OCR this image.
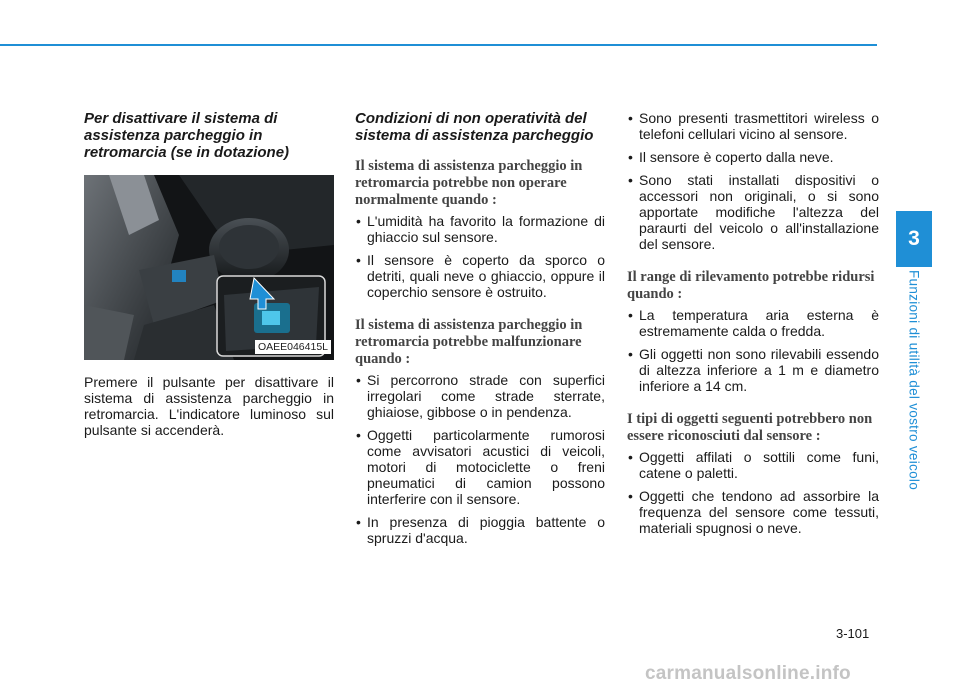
3
Funzioni di utilità del vostro veicolo
Per disattivare il sistema di assistenza parcheggio in retromarcia (se in dotazione)
OAEE046415L

Premere il pulsante per disattivare il sistema di assistenza parcheggio in retromarcia. L'indicatore luminoso sul pulsante si accenderà.

Condizioni di non operatività del sistema di assistenza parcheggio
Il sistema di assistenza parcheggio in retromarcia potrebbe non operare normalmente quando :
• L'umidità ha favorito la formazione di ghiaccio sul sensore.
• Il sensore è coperto da sporco o detriti, quali neve o ghiaccio, oppure il coperchio sensore è ostruito.
Il sistema di assistenza parcheggio in retromarcia potrebbe malfunzionare quando :
• Si percorrono strade con superfici irregolari come strade sterrate, ghiaiose, gibbose o in pendenza.
• Oggetti particolarmente rumorosi come avvisatori acustici di veicoli, motori di motociclette o freni pneumatici di camion possono interferire con il sensore.
• In presenza di pioggia battente o spruzzi d'acqua.
• Sono presenti trasmettitori wireless o telefoni cellulari vicino al sensore.
• Il sensore è coperto dalla neve.
• Sono stati installati dispositivi o accessori non originali, o si sono apportate modifiche l'altezza del paraurti del veicolo o all'installazione del sensore.
Il range di rilevamento potrebbe ridursi quando :
• La temperatura aria esterna è estremamente calda o fredda.
• Gli oggetti non sono rilevabili essendo di altezza inferiore a 1 m e diametro inferiore a 14 cm.
I tipi di oggetti seguenti potrebbero non essere riconosciuti dal sensore :
• Oggetti affilati o sottili come funi, catene o paletti.
• Oggetti che tendono ad assorbire la frequenza del sensore come tessuti, materiali spugnosi o neve.
3-101
carmanualsonline.info
